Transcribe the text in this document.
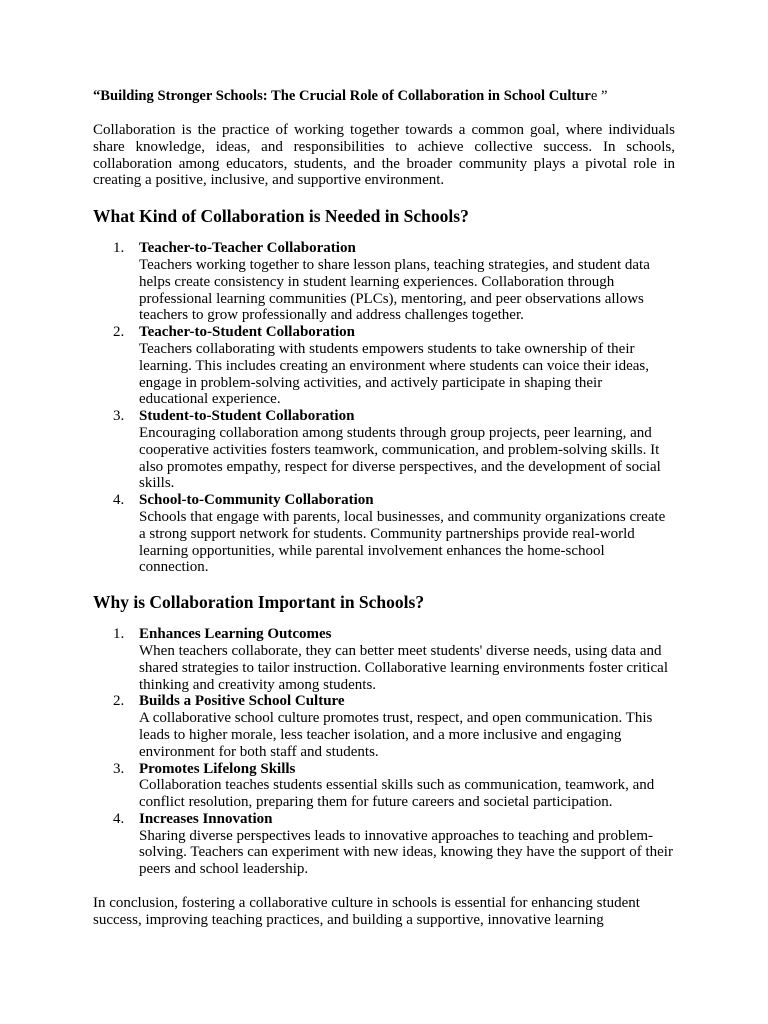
“Building Stronger Schools: The Crucial Role of Collaboration in School Culture ”

Collaboration is the practice of working together towards a common goal, where individuals share knowledge, ideas, and responsibilities to achieve collective success. In schools, collaboration among educators, students, and the broader community plays a pivotal role in creating a positive, inclusive, and supportive environment.

What Kind of Collaboration is Needed in Schools?
1. Teacher-to-Teacher Collaboration
Teachers working together to share lesson plans, teaching strategies, and student data helps create consistency in student learning experiences. Collaboration through professional learning communities (PLCs), mentoring, and peer observations allows teachers to grow professionally and address challenges together.
2. Teacher-to-Student Collaboration
Teachers collaborating with students empowers students to take ownership of their learning. This includes creating an environment where students can voice their ideas, engage in problem-solving activities, and actively participate in shaping their educational experience.
3. Student-to-Student Collaboration
Encouraging collaboration among students through group projects, peer learning, and cooperative activities fosters teamwork, communication, and problem-solving skills. It also promotes empathy, respect for diverse perspectives, and the development of social skills.
4. School-to-Community Collaboration
Schools that engage with parents, local businesses, and community organizations create a strong support network for students. Community partnerships provide real-world learning opportunities, while parental involvement enhances the home-school connection.
Why is Collaboration Important in Schools?
1. Enhances Learning Outcomes
When teachers collaborate, they can better meet students' diverse needs, using data and shared strategies to tailor instruction. Collaborative learning environments foster critical thinking and creativity among students.
2. Builds a Positive School Culture
A collaborative school culture promotes trust, respect, and open communication. This leads to higher morale, less teacher isolation, and a more inclusive and engaging environment for both staff and students.
3. Promotes Lifelong Skills
Collaboration teaches students essential skills such as communication, teamwork, and conflict resolution, preparing them for future careers and societal participation.
4. Increases Innovation
Sharing diverse perspectives leads to innovative approaches to teaching and problem-solving. Teachers can experiment with new ideas, knowing they have the support of their peers and school leadership.

In conclusion, fostering a collaborative culture in schools is essential for enhancing student success, improving teaching practices, and building a supportive, innovative learning
